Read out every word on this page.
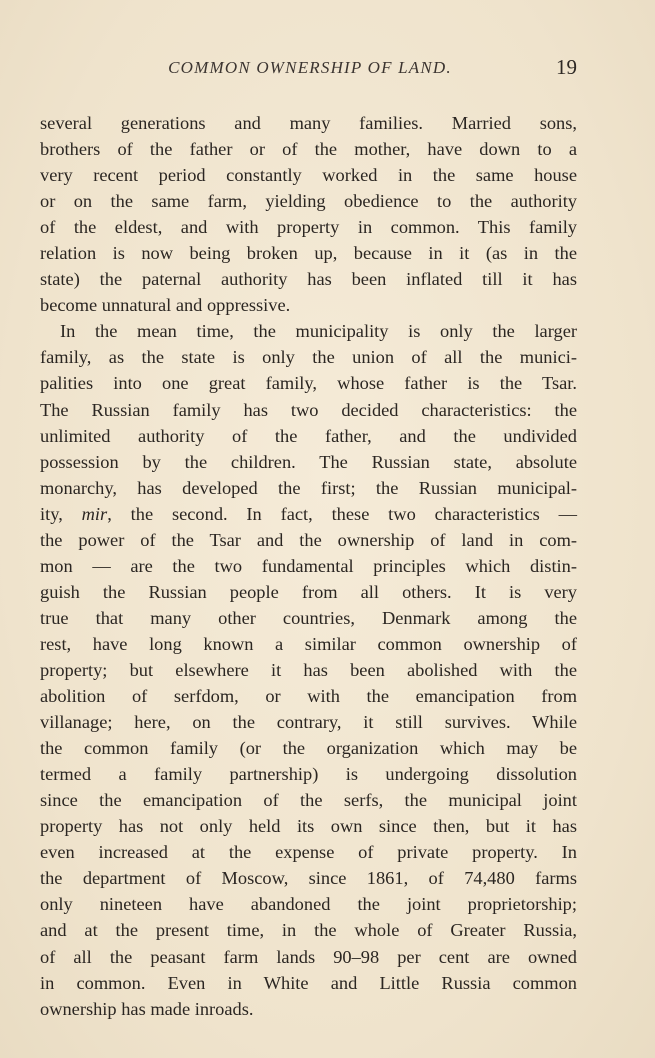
COMMON OWNERSHIP OF LAND.	19
several generations and many families. Married sons,
brothers of the father or of the mother, have down to a
very recent period constantly worked in the same house
or on the same farm, yielding obedience to the authority
of the eldest, and with property in common. This family
relation is now being broken up, because in it (as in the
state) the paternal authority has been inflated till it has
become unnatural and oppressive.
In the mean time, the municipality is only the larger
family, as the state is only the union of all the munici-
palities into one great family, whose father is the Tsar.
The Russian family has two decided characteristics: the
unlimited authority of the father, and the undivided
possession by the children. The Russian state, absolute
monarchy, has developed the first; the Russian municipal-
ity, mir, the second. In fact, these two characteristics —
the power of the Tsar and the ownership of land in com-
mon — are the two fundamental principles which distin-
guish the Russian people from all others. It is very
true that many other countries, Denmark among the
rest, have long known a similar common ownership of
property; but elsewhere it has been abolished with the
abolition of serfdom, or with the emancipation from
villanage; here, on the contrary, it still survives. While
the common family (or the organization which may be
termed a family partnership) is undergoing dissolution
since the emancipation of the serfs, the municipal joint
property has not only held its own since then, but it has
even increased at the expense of private property. In
the department of Moscow, since 1861, of 74,480 farms
only nineteen have abandoned the joint proprietorship;
and at the present time, in the whole of Greater Russia,
of all the peasant farm lands 90–98 per cent are owned
in common. Even in White and Little Russia common
ownership has made inroads.
